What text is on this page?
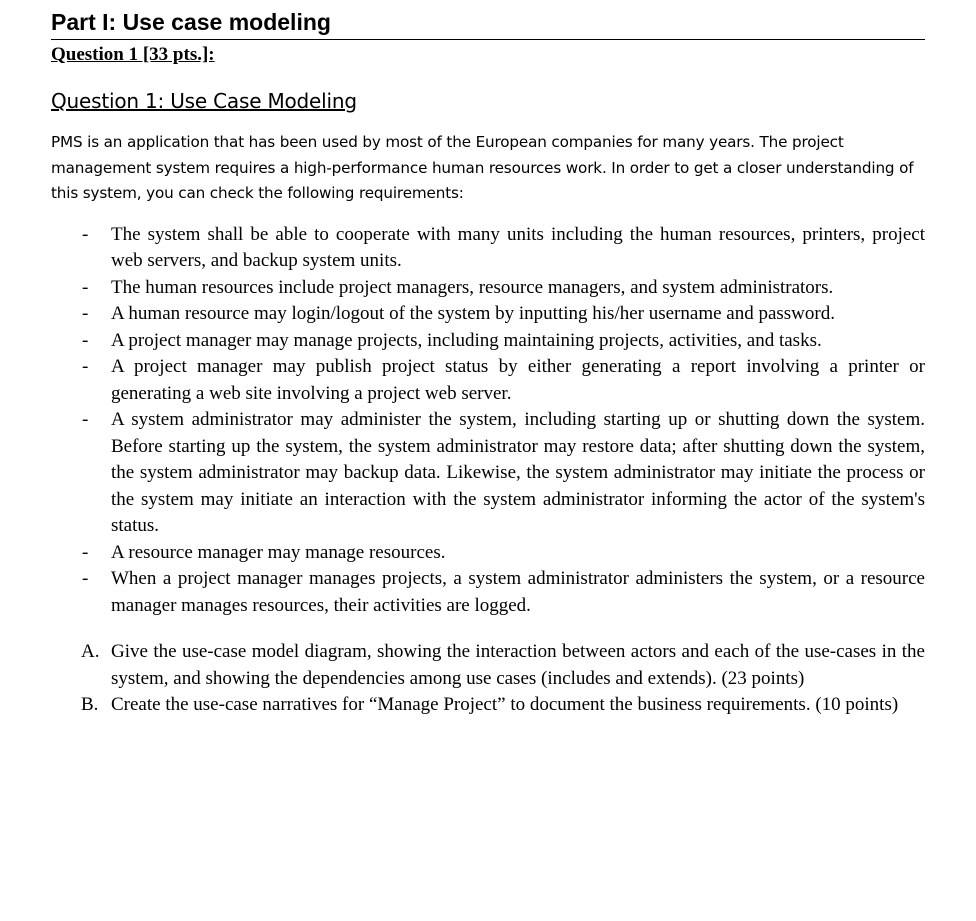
Part I: Use case modeling
Question 1 [33 pts.]:
Question 1: Use Case Modeling

PMS is an application that has been used by most of the European companies for many years. The project management system requires a high-performance human resources work. In order to get a closer understanding of this system, you can check the following requirements:

- The system shall be able to cooperate with many units including the human resources, printers, project web servers, and backup system units.
- The human resources include project managers, resource managers, and system administrators.
- A human resource may login/logout of the system by inputting his/her username and password.
- A project manager may manage projects, including maintaining projects, activities, and tasks.
- A project manager may publish project status by either generating a report involving a printer or generating a web site involving a project web server.
- A system administrator may administer the system, including starting up or shutting down the system. Before starting up the system, the system administrator may restore data; after shutting down the system, the system administrator may backup data. Likewise, the system administrator may initiate the process or the system may initiate an interaction with the system administrator informing the actor of the system's status.
- A resource manager may manage resources.
- When a project manager manages projects, a system administrator administers the system, or a resource manager manages resources, their activities are logged.
A. Give the use-case model diagram, showing the interaction between actors and each of the use-cases in the system, and showing the dependencies among use cases (includes and extends). (23 points)
B. Create the use-case narratives for “Manage Project” to document the business requirements. (10 points)
